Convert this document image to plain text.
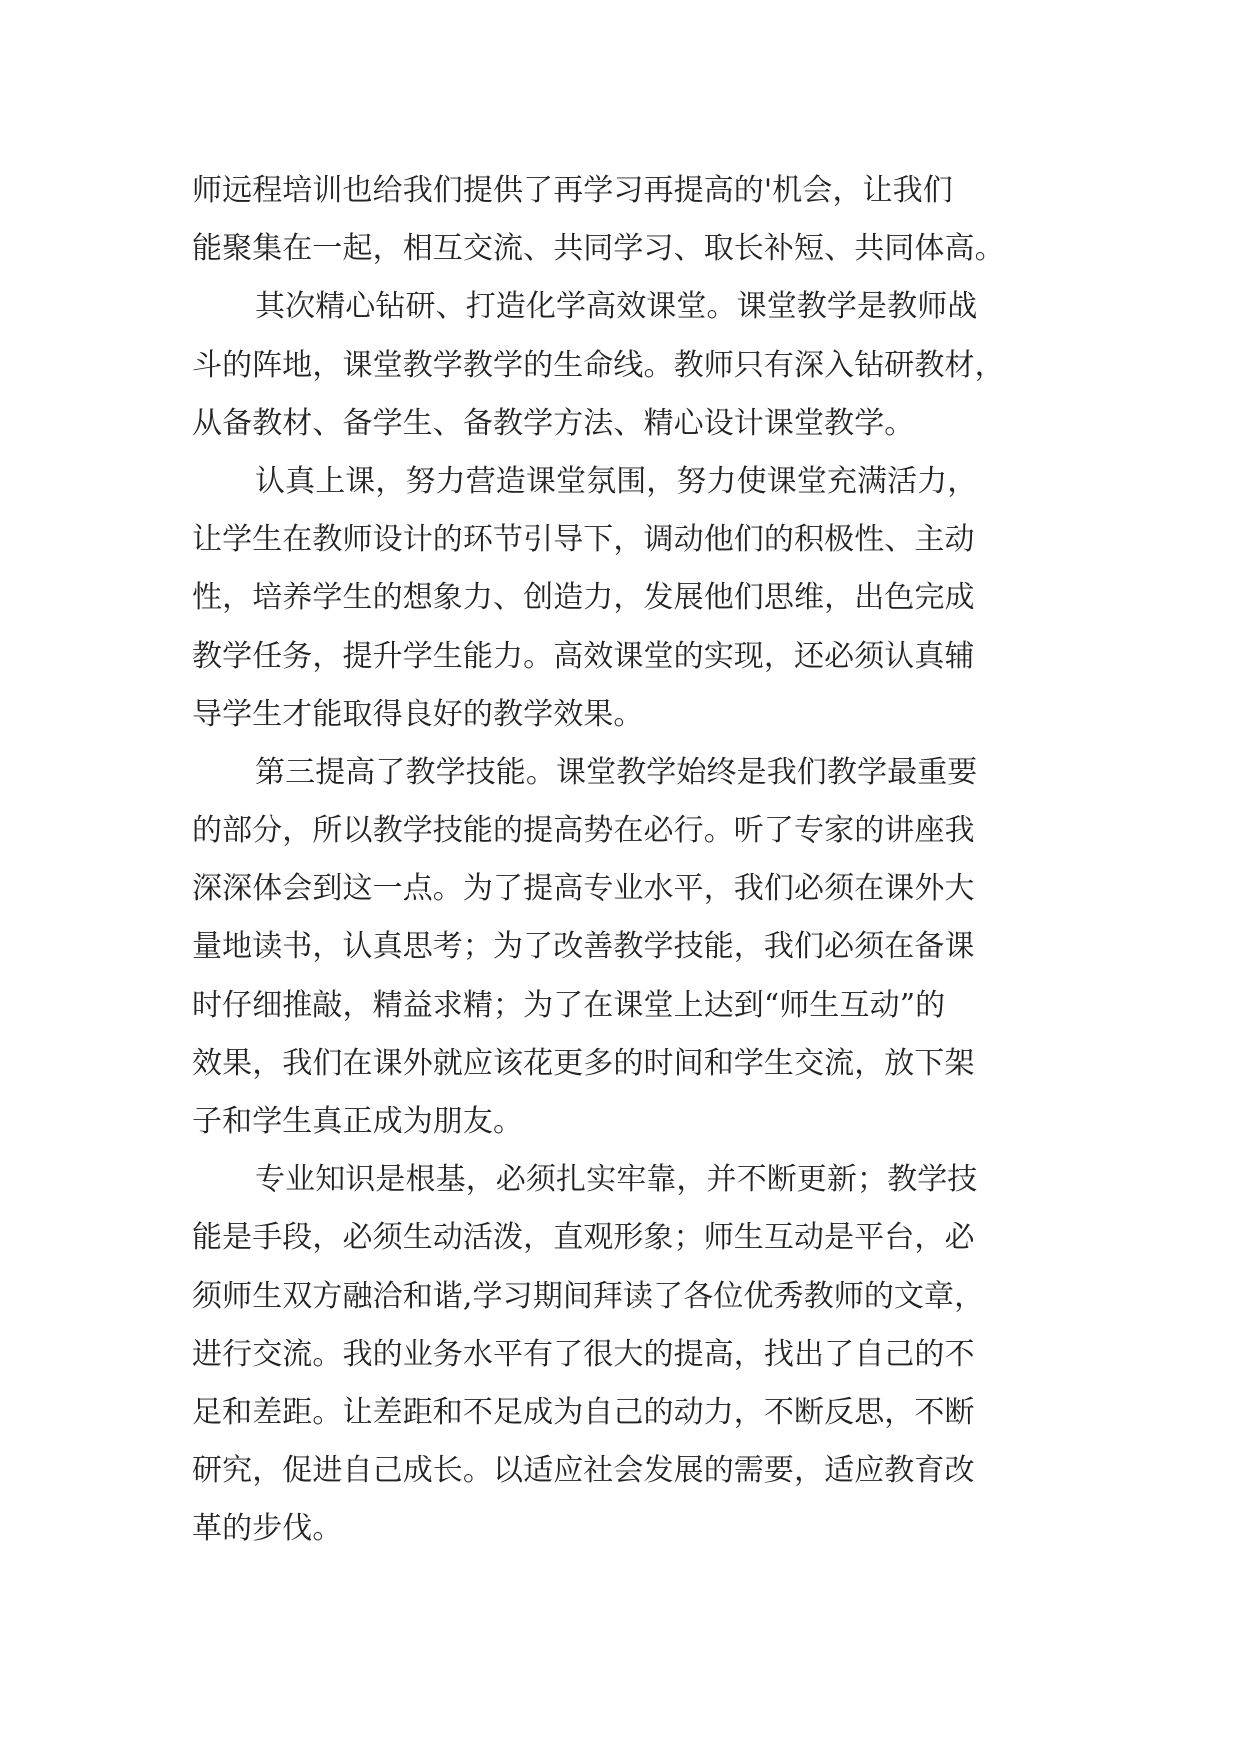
师远程培训也给我们提供了再学习再提高的'机会，让我们
能聚集在一起，相互交流、共同学习、取长补短、共同体高。
其次精心钻研、打造化学高效课堂。课堂教学是教师战
斗的阵地，课堂教学教学的生命线。教师只有深入钻研教材，
从备教材、备学生、备教学方法、精心设计课堂教学。
认真上课，努力营造课堂氛围，努力使课堂充满活力，
让学生在教师设计的环节引导下，调动他们的积极性、主动
性，培养学生的想象力、创造力，发展他们思维，出色完成
教学任务，提升学生能力。高效课堂的实现，还必须认真辅
导学生才能取得良好的教学效果。
第三提高了教学技能。课堂教学始终是我们教学最重要
的部分，所以教学技能的提高势在必行。听了专家的讲座我
深深体会到这一点。为了提高专业水平，我们必须在课外大
量地读书，认真思考；为了改善教学技能，我们必须在备课
时仔细推敲，精益求精；为了在课堂上达到“师生互动”的
效果，我们在课外就应该花更多的时间和学生交流，放下架
子和学生真正成为朋友。
专业知识是根基，必须扎实牢靠，并不断更新；教学技
能是手段，必须生动活泼，直观形象；师生互动是平台，必
须师生双方融洽和谐,学习期间拜读了各位优秀教师的文章，
进行交流。我的业务水平有了很大的提高，找出了自己的不
足和差距。让差距和不足成为自己的动力，不断反思，不断
研究，促进自己成长。以适应社会发展的需要，适应教育改
革的步伐。
